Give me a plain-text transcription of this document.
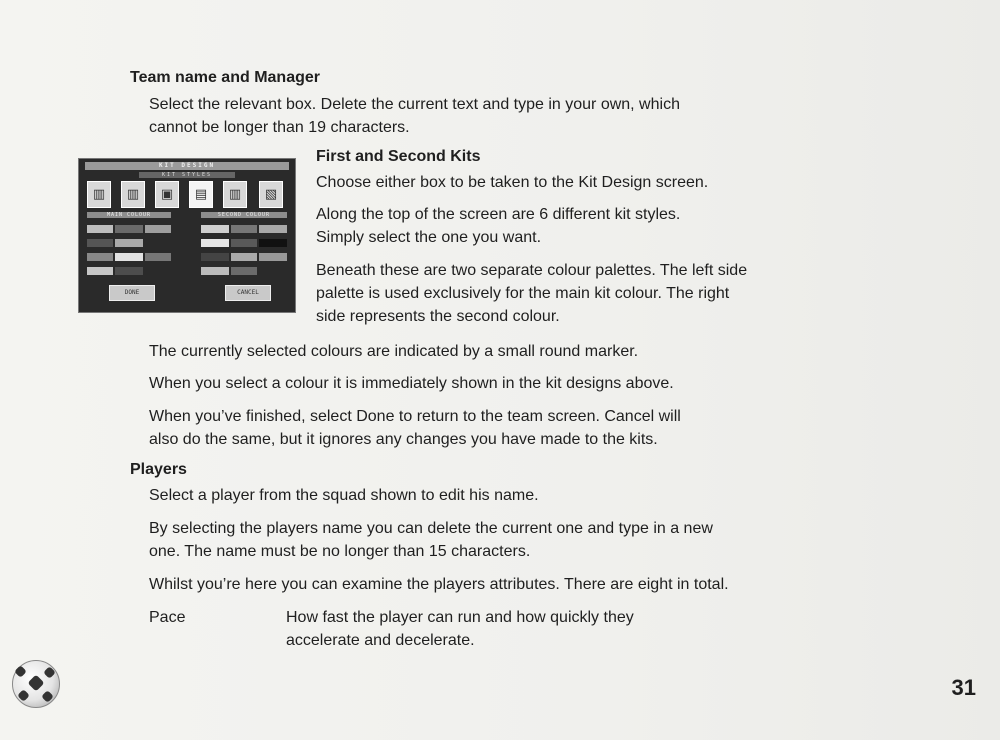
Team name and Manager
Select the relevant box. Delete the current text and type in your own, which
cannot be longer than 19 characters.
KIT DESIGN
KIT STYLES
▥	▥	▣	▤	▥	▧
MAIN COLOUR	SECOND COLOUR
DONE	CANCEL
First and Second Kits
Choose either box to be taken to the Kit Design screen.
Along the top of the screen are 6 different kit styles.
Simply select the one you want.
Beneath these are two separate colour palettes. The left side
palette is used exclusively for the main kit colour. The right
side represents the second colour.
The currently selected colours are indicated by a small round marker.
When you select a colour it is immediately shown in the kit designs above.
When you’ve finished, select Done to return to the team screen. Cancel will
also do the same, but it ignores any changes you have made to the kits.
Players
Select a player from the squad shown to edit his name.
By selecting the players name you can delete the current one and type in a new
one. The name must be no longer than 15 characters.
Whilst you’re here you can examine the players attributes. There are eight in total.
Pace	How fast the player can run and how quickly they
accelerate and decelerate.
31
